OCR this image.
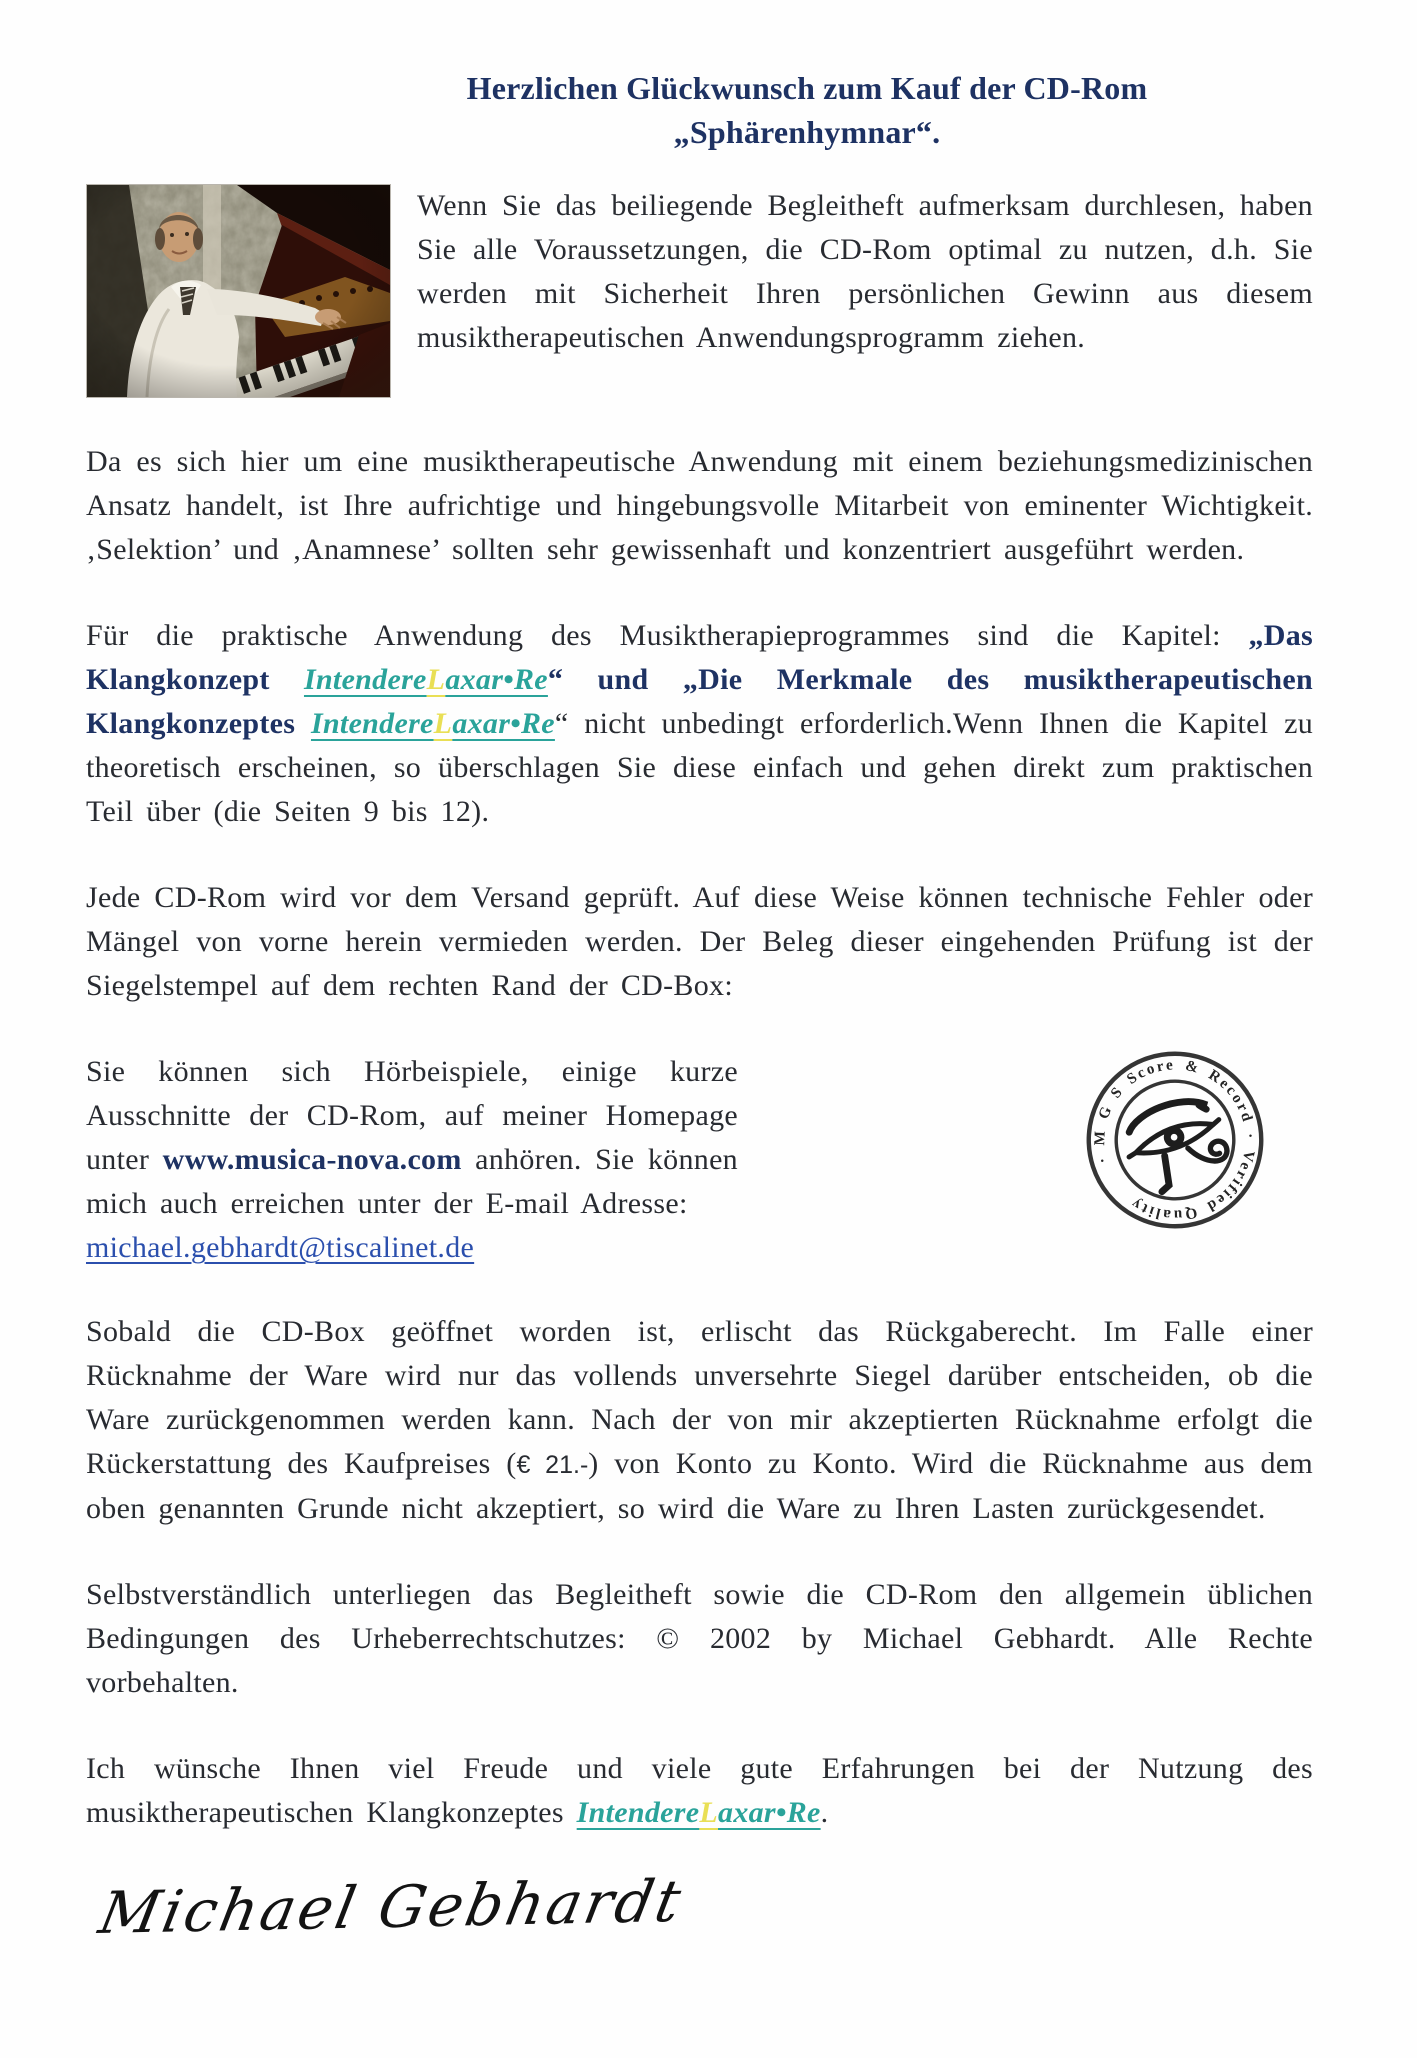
Herzlichen Glückwunsch zum Kauf der CD-Rom
„Sphärenhymnar“.

Wenn Sie das beiliegende Begleitheft aufmerksam durchlesen, haben Sie alle Voraussetzungen, die CD-Rom optimal zu nutzen, d.h. Sie werden mit Sicherheit Ihren persönlichen Gewinn aus diesem musiktherapeutischen Anwendungsprogramm ziehen.

Da es sich hier um eine musiktherapeutische Anwendung mit einem beziehungsmedizinischen Ansatz handelt, ist Ihre aufrichtige und hingebungsvolle Mitarbeit von eminenter Wichtigkeit. ‚Selektion’ und ‚Anamnese’ sollten sehr gewissenhaft und konzentriert ausgeführt werden.

Für die praktische Anwendung des Musiktherapieprogrammes sind die Kapitel: „Das Klangkonzept IntendereLaxar•Re“ und „Die Merkmale des musiktherapeutischen Klangkonzeptes IntendereLaxar•Re“ nicht unbedingt erforderlich.Wenn Ihnen die Kapitel zu theoretisch erscheinen, so überschlagen Sie diese einfach und gehen direkt zum praktischen Teil über (die Seiten 9 bis 12).

Jede CD-Rom wird vor dem Versand geprüft. Auf diese Weise können technische Fehler oder Mängel von vorne herein vermieden werden. Der Beleg dieser eingehenden Prüfung ist der Siegelstempel auf dem rechten Rand der CD-Box:

Sie können sich Hörbeispiele, einige kurze Ausschnitte der CD-Rom, auf meiner Homepage unter www.musica-nova.com anhören. Sie können mich auch erreichen unter der E-mail Adresse:
michael.gebhardt@tiscalinet.de

· M G S Score & Record · Verified Quality

Sobald die CD-Box geöffnet worden ist, erlischt das Rückgaberecht. Im Falle einer Rücknahme der Ware wird nur das vollends unversehrte Siegel darüber entscheiden, ob die Ware zurückgenommen werden kann. Nach der von mir akzeptierten Rücknahme erfolgt die Rückerstattung des Kaufpreises (€ 21.-) von Konto zu Konto. Wird die Rücknahme aus dem oben genannten Grunde nicht akzeptiert, so wird die Ware zu Ihren Lasten zurückgesendet.

Selbstverständlich unterliegen das Begleitheft sowie die CD-Rom den allgemein üblichen Bedingungen des Urheberrechtschutzes: © 2002 by Michael Gebhardt. Alle Rechte vorbehalten.

Ich wünsche Ihnen viel Freude und viele gute Erfahrungen bei der Nutzung des musiktherapeutischen Klangkonzeptes IntendereLaxar•Re.

Michael Gebhardt
